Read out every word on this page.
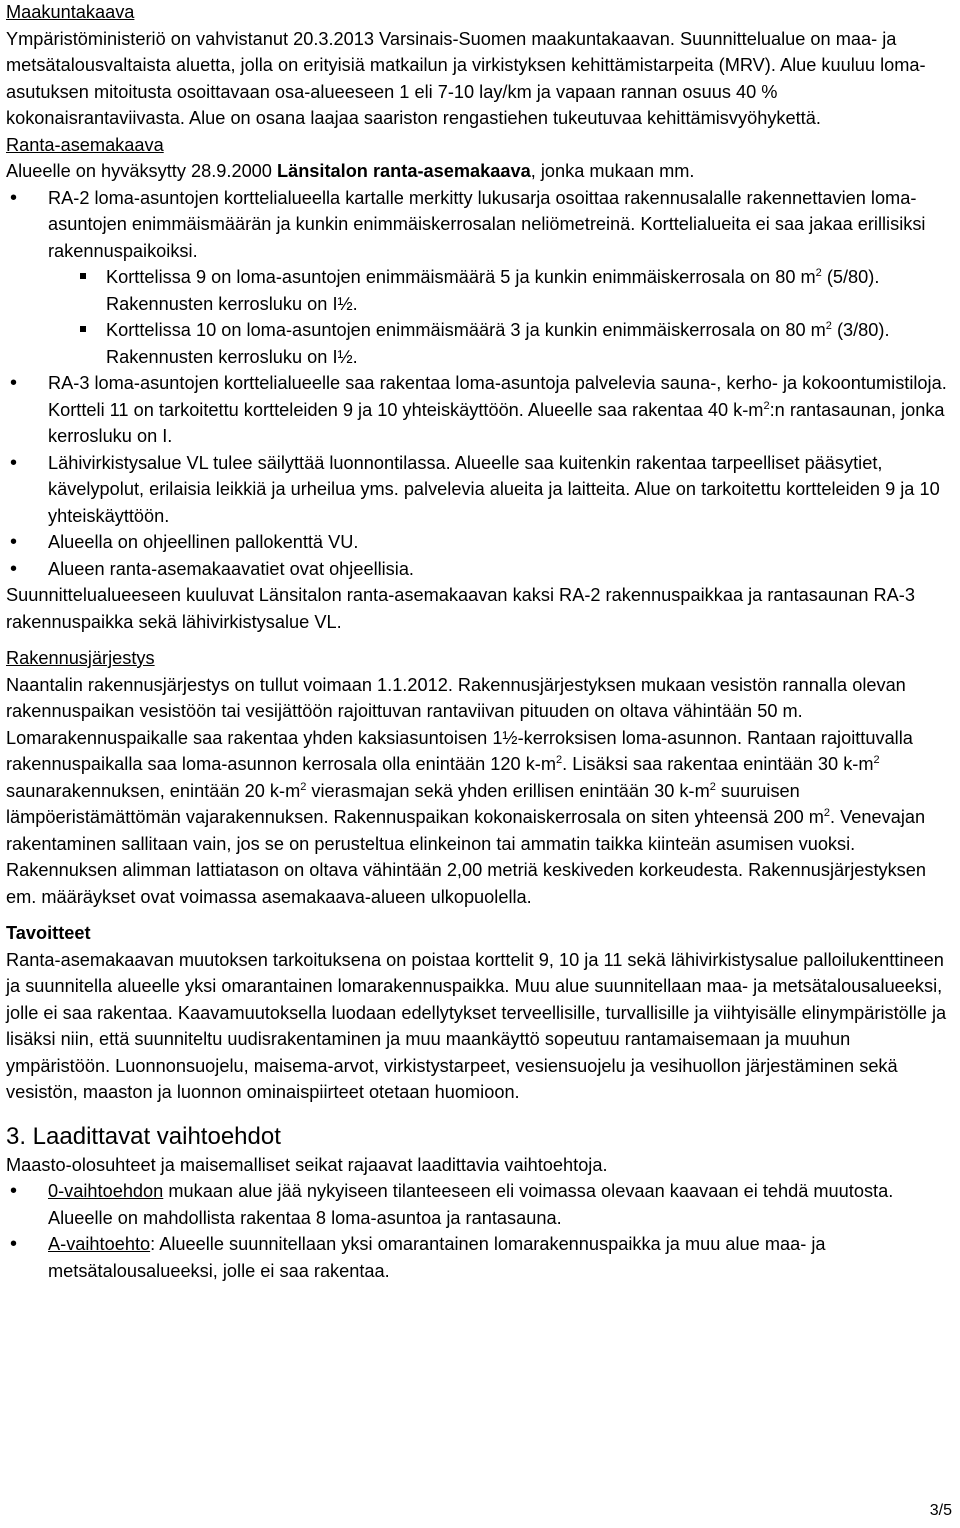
Maakuntakaava

Ympäristöministeriö on vahvistanut 20.3.2013 Varsinais-Suomen maakuntakaavan. Suunnittelualue on maa- ja metsätalousvaltaista aluetta, jolla on erityisiä matkailun ja virkistyksen kehittämistarpeita (MRV). Alue kuuluu loma-asutuksen mitoitusta osoittavaan osa-alueeseen 1 eli 7-10 lay/km ja vapaan rannan osuus 40 % kokonaisrantaviivasta. Alue on osana laajaa saariston rengastiehen tukeutuvaa kehittämisvyöhykettä.

Ranta-asemakaava

Alueelle on hyväksytty 28.9.2000 Länsitalon ranta-asemakaava, jonka mukaan mm.

• RA-2 loma-asuntojen korttelialueella kartalle merkitty lukusarja osoittaa rakennusalalle rakennettavien loma-asuntojen enimmäismäärän ja kunkin enimmäiskerrosalan neliömetreinä. Korttelialueita ei saa jakaa erillisiksi rakennuspaikoiksi.
Korttelissa 9 on loma-asuntojen enimmäismäärä 5 ja kunkin enimmäiskerrosala on 80 $m^2$ (5/80). Rakennusten kerrosluku on I½.
Korttelissa 10 on loma-asuntojen enimmäismäärä 3 ja kunkin enimmäiskerrosala on 80 $m^2$ (3/80). Rakennusten kerrosluku on I½.
• RA-3 loma-asuntojen korttelialueelle saa rakentaa loma-asuntoja palvelevia sauna-, kerho- ja kokoontumistiloja. Kortteli 11 on tarkoitettu kortteleiden 9 ja 10 yhteiskäyttöön. Alueelle saa rakentaa 40 $k-m^2:n$ rantasaunan, jonka kerrosluku on I.
• Lähivirkistysalue VL tulee säilyttää luonnontilassa. Alueelle saa kuitenkin rakentaa tarpeelliset pääsytiet, kävelypolut, erilaisia leikkiä ja urheilua yms. palvelevia alueita ja laitteita. Alue on tarkoitettu kortteleiden 9 ja 10 yhteiskäyttöön.
• Alueella on ohjeellinen pallokenttä VU.
• Alueen ranta-asemakaavatiet ovat ohjeellisia.

Suunnittelualueeseen kuuluvat Länsitalon ranta-asemakaavan kaksi RA-2 rakennuspaikkaa ja rantasaunan RA-3 rakennuspaikka sekä lähivirkistysalue VL.

Rakennusjärjestys

Naantalin rakennusjärjestys on tullut voimaan 1.1.2012. Rakennusjärjestyksen mukaan vesistön rannalla olevan rakennuspaikan vesistöön tai vesijättöön rajoittuvan rantaviivan pituuden on oltava vähintään 50 m.

Lomarakennuspaikalle saa rakentaa yhden kaksiasuntoisen 1½-kerroksisen loma-asunnon. Rantaan rajoittuvalla rakennuspaikalla saa loma-asunnon kerrosala olla enintään 120 $k-m^2$. Lisäksi saa rakentaa enintään 30 $k-m^2$ saunarakennuksen, enintään 20 $k-m^2$ vierasmajan sekä yhden erillisen enintään 30 $k-m^2$ suuruisen lämpöeristämättömän vajarakennuksen. Rakennuspaikan kokonaiskerrosala on siten yhteensä 200 $m^2$. Venevajan rakentaminen sallitaan vain, jos se on perusteltua elinkeinon tai ammatin taikka kiinteän asumisen vuoksi. Rakennuksen alimman lattiatason on oltava vähintään 2,00 metriä keskiveden korkeudesta. Rakennusjärjestyksen em. määräykset ovat voimassa asemakaava-alueen ulkopuolella.

Tavoitteet

Ranta-asemakaavan muutoksen tarkoituksena on poistaa korttelit 9, 10 ja 11 sekä lähivirkistysalue palloilukenttineen ja suunnitella alueelle yksi omarantainen lomarakennuspaikka. Muu alue suunnitellaan maa- ja metsätalousalueeksi, jolle ei saa rakentaa. Kaavamuutoksella luodaan edellytykset terveellisille, turvallisille ja viihtyisälle elinympäristölle ja lisäksi niin, että suunniteltu uudisrakentaminen ja muu maankäyttö sopeutuu rantamaisemaan ja muuhun ympäristöön. Luonnonsuojelu, maisema-arvot, virkistystarpeet, vesiensuojelu ja vesihuollon järjestäminen sekä vesistön, maaston ja luonnon ominaispiirteet otetaan huomioon.

3. Laadittavat vaihtoehdot

Maasto-olosuhteet ja maisemalliset seikat rajaavat laadittavia vaihtoehtoja.

• 0-vaihtoehdon mukaan alue jää nykyiseen tilanteeseen eli voimassa olevaan kaavaan ei tehdä muutosta. Alueelle on mahdollista rakentaa 8 loma-asuntoa ja rantasauna.
• A-vaihtoehto: Alueelle suunnitellaan yksi omarantainen lomarakennuspaikka ja muu alue maa- ja metsätalousalueeksi, jolle ei saa rakentaa.
3/5
